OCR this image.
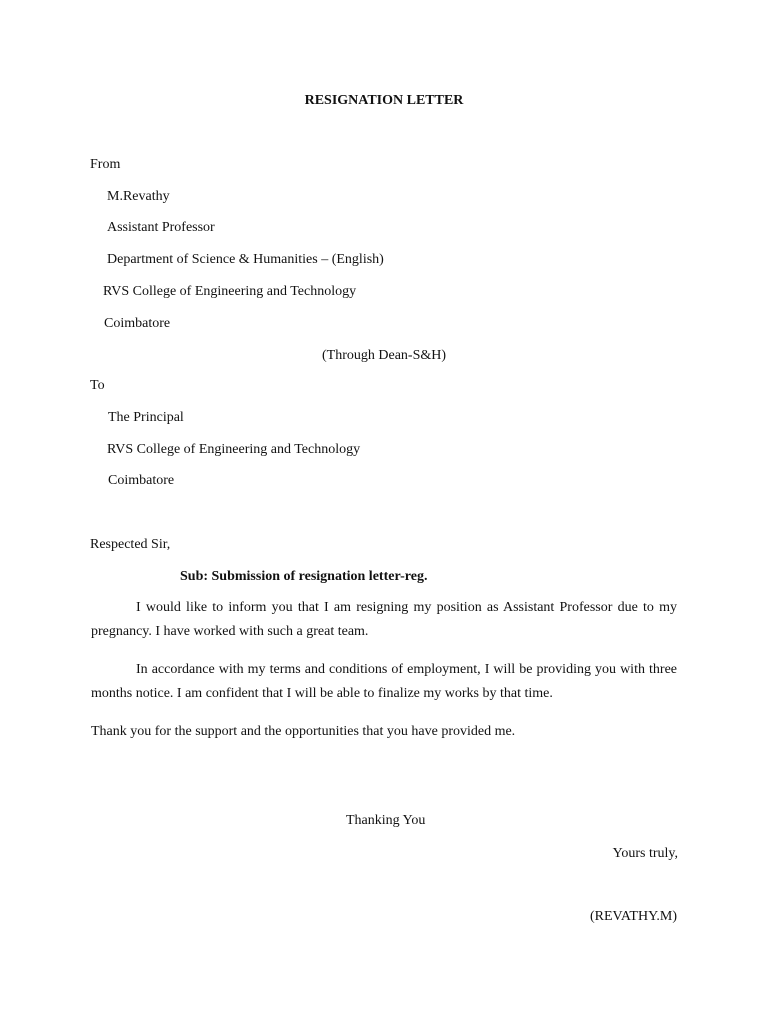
RESIGNATION LETTER
From
M.Revathy
Assistant Professor
Department of Science & Humanities – (English)
RVS College of Engineering and Technology
Coimbatore
(Through Dean-S&H)
To
The Principal
RVS College of Engineering and Technology
Coimbatore
Respected Sir,
Sub: Submission of resignation letter-reg.
I would like to inform you that I am resigning my position as Assistant Professor due to my pregnancy. I have worked with such a great team.
In accordance with my terms and conditions of employment, I will be providing you with three months notice. I am confident that I will be able to finalize my works by that time.
Thank you for the support and the opportunities that you have provided me.
Thanking You
Yours truly,
(REVATHY.M)
